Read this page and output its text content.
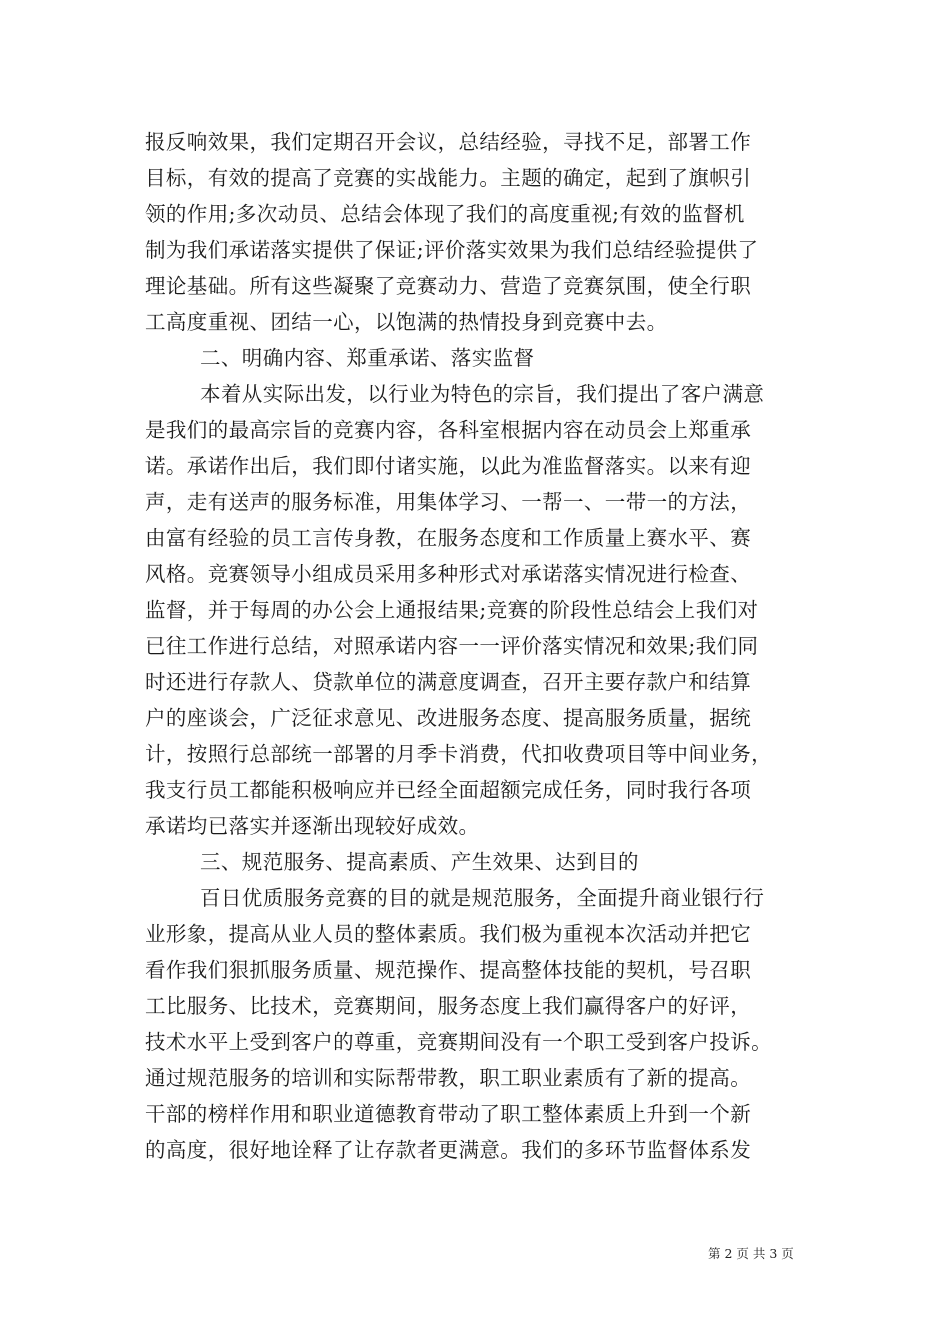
报反响效果，我们定期召开会议，总结经验，寻找不足，部署工作
目标，有效的提高了竞赛的实战能力。主题的确定，起到了旗帜引
领的作用;多次动员、总结会体现了我们的高度重视;有效的监督机
制为我们承诺落实提供了保证;评价落实效果为我们总结经验提供了
理论基础。所有这些凝聚了竞赛动力、营造了竞赛氛围，使全行职
工高度重视、团结一心，以饱满的热情投身到竞赛中去。
二、明确内容、郑重承诺、落实监督
本着从实际出发，以行业为特色的宗旨，我们提出了客户满意
是我们的最高宗旨的竞赛内容，各科室根据内容在动员会上郑重承
诺。承诺作出后，我们即付诸实施，以此为准监督落实。以来有迎
声，走有送声的服务标准，用集体学习、一帮一、一带一的方法，
由富有经验的员工言传身教，在服务态度和工作质量上赛水平、赛
风格。竞赛领导小组成员采用多种形式对承诺落实情况进行检查、
监督，并于每周的办公会上通报结果;竞赛的阶段性总结会上我们对
已往工作进行总结，对照承诺内容一一评价落实情况和效果;我们同
时还进行存款人、贷款单位的满意度调查，召开主要存款户和结算
户的座谈会，广泛征求意见、改进服务态度、提高服务质量，据统
计，按照行总部统一部署的月季卡消费，代扣收费项目等中间业务，
我支行员工都能积极响应并已经全面超额完成任务，同时我行各项
承诺均已落实并逐渐出现较好成效。
三、规范服务、提高素质、产生效果、达到目的
百日优质服务竞赛的目的就是规范服务，全面提升商业银行行
业形象，提高从业人员的整体素质。我们极为重视本次活动并把它
看作我们狠抓服务质量、规范操作、提高整体技能的契机，号召职
工比服务、比技术，竞赛期间，服务态度上我们赢得客户的好评，
技术水平上受到客户的尊重，竞赛期间没有一个职工受到客户投诉。
通过规范服务的培训和实际帮带教，职工职业素质有了新的提高。
干部的榜样作用和职业道德教育带动了职工整体素质上升到一个新
的高度，很好地诠释了让存款者更满意。我们的多环节监督体系发
第 2 页 共 3 页
